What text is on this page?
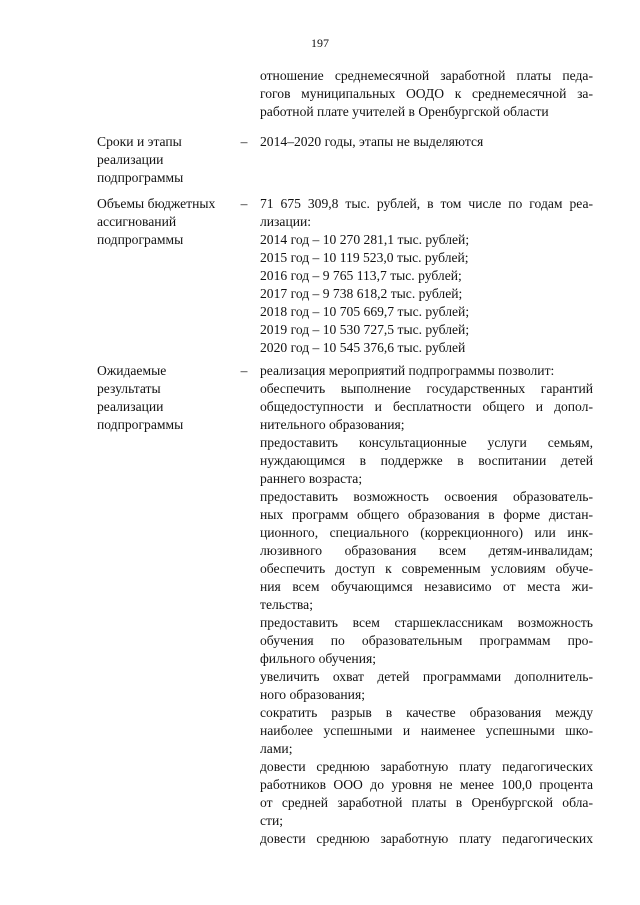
197
отношение среднемесячной заработной платы педа-
гогов муниципальных ООДО к среднемесячной за-
работной плате учителей в Оренбургской области
Сроки и этапы
реализации
подпрограммы
– 2014–2020 годы, этапы не выделяются
Объемы бюджетных
ассигнований
подпрограммы
– 71 675 309,8 тыс. рублей, в том числе по годам реа-
лизации:
2014 год – 10 270 281,1 тыс. рублей;
2015 год – 10 119 523,0 тыс. рублей;
2016 год – 9 765 113,7 тыс. рублей;
2017 год – 9 738 618,2 тыс. рублей;
2018 год – 10 705 669,7 тыс. рублей;
2019 год – 10 530 727,5 тыс. рублей;
2020 год – 10 545 376,6 тыс. рублей
Ожидаемые
результаты
реализации
подпрограммы
– реализация мероприятий подпрограммы позволит:
обеспечить выполнение государственных гарантий
общедоступности и бесплатности общего и допол-
нительного образования;
предоставить консультационные услуги семьям,
нуждающимся в поддержке в воспитании детей
раннего возраста;
предоставить возможность освоения образователь-
ных программ общего образования в форме дистан-
ционного, специального (коррекционного) или инк-
люзивного образования всем детям-инвалидам;
обеспечить доступ к современным условиям обуче-
ния всем обучающимся независимо от места жи-
тельства;
предоставить всем старшеклассникам возможность
обучения по образовательным программам про-
фильного обучения;
увеличить охват детей программами дополнитель-
ного образования;
сократить разрыв в качестве образования между
наиболее успешными и наименее успешными шко-
лами;
довести среднюю заработную плату педагогических
работников ООО до уровня не менее 100,0 процента
от средней заработной платы в Оренбургской обла-
сти;
довести среднюю заработную плату педагогических
